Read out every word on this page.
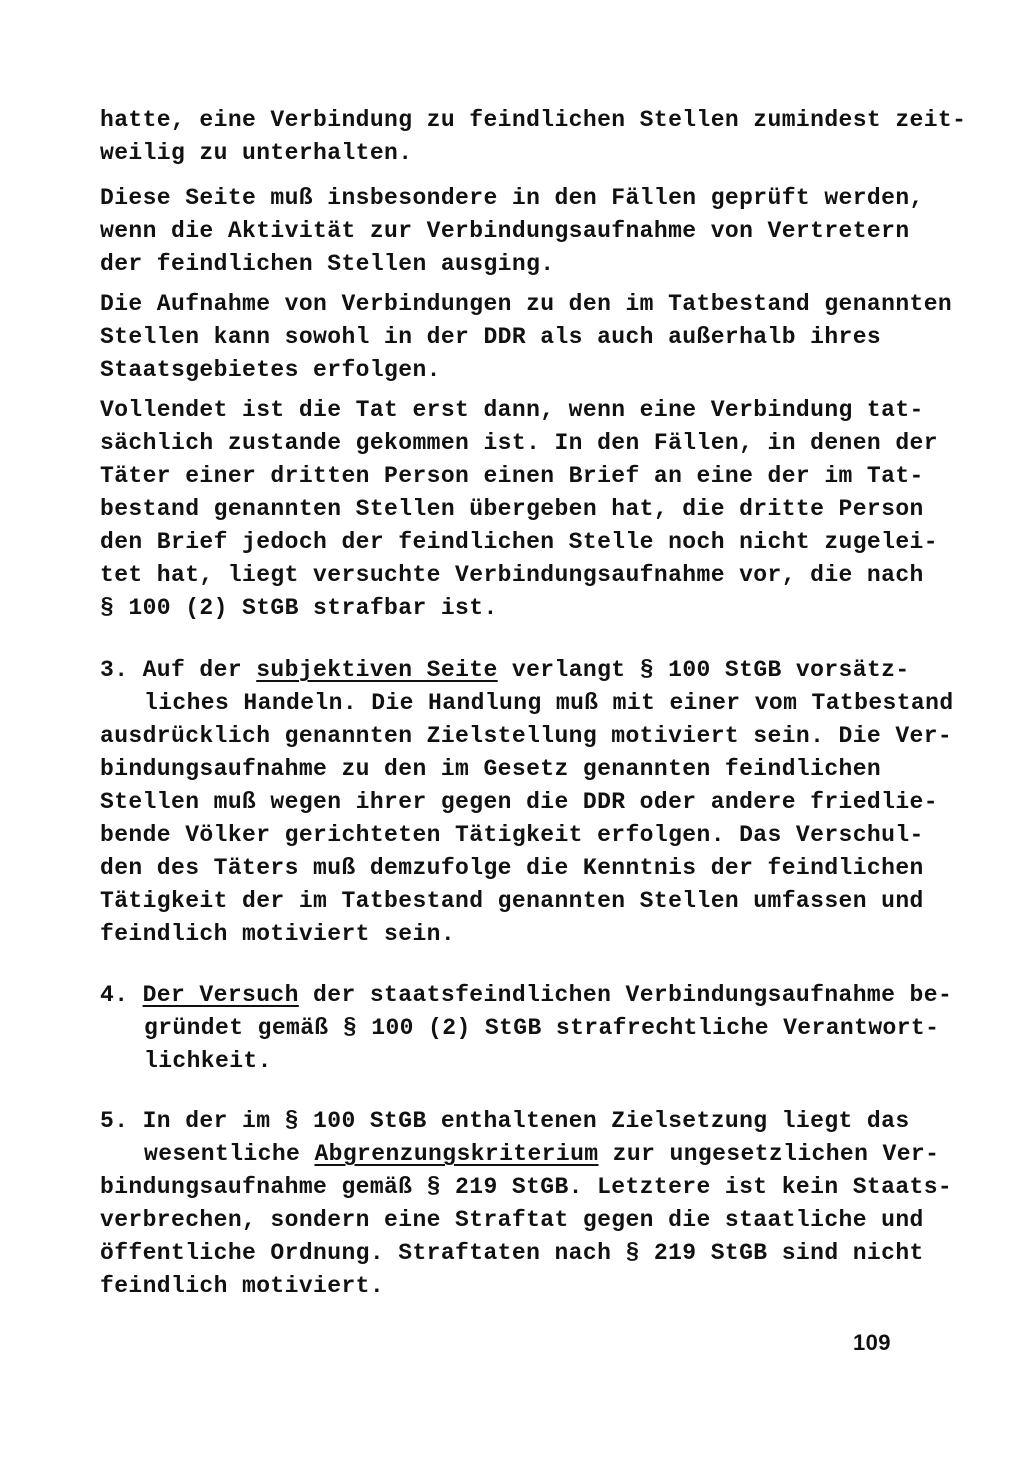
hatte, eine Verbindung zu feindlichen Stellen zumindest zeit-
weilig zu unterhalten.
Diese Seite muß insbesondere in den Fällen geprüft werden,
wenn die Aktivität zur Verbindungsaufnahme von Vertretern
der feindlichen Stellen ausging.
Die Aufnahme von Verbindungen zu den im Tatbestand genannten
Stellen kann sowohl in der DDR als auch außerhalb ihres
Staatsgebietes erfolgen.
Vollendet ist die Tat erst dann, wenn eine Verbindung tat-
sächlich zustande gekommen ist. In den Fällen, in denen der
Täter einer dritten Person einen Brief an eine der im Tat-
bestand genannten Stellen übergeben hat, die dritte Person
den Brief jedoch der feindlichen Stelle noch nicht zugelei-
tet hat, liegt versuchte Verbindungsaufnahme vor, die nach
§ 100 (2) StGB strafbar ist.
3. Auf der subjektiven Seite verlangt § 100 StGB vorsätz-
liches Handeln. Die Handlung muß mit einer vom Tatbestand
ausdrücklich genannten Zielstellung motiviert sein. Die Ver-
bindungsaufnahme zu den im Gesetz genannten feindlichen
Stellen muß wegen ihrer gegen die DDR oder andere friedlie-
bende Völker gerichteten Tätigkeit erfolgen. Das Verschul-
den des Täters muß demzufolge die Kenntnis der feindlichen
Tätigkeit der im Tatbestand genannten Stellen umfassen und
feindlich motiviert sein.
4. Der Versuch der staatsfeindlichen Verbindungsaufnahme be-
gründet gemäß § 100 (2) StGB strafrechtliche Verantwort-
lichkeit.
5. In der im § 100 StGB enthaltenen Zielsetzung liegt das
wesentliche Abgrenzungskriterium zur ungesetzlichen Ver-
bindungsaufnahme gemäß § 219 StGB. Letztere ist kein Staats-
verbrechen, sondern eine Straftat gegen die staatliche und
öffentliche Ordnung. Straftaten nach § 219 StGB sind nicht
feindlich motiviert.
109
